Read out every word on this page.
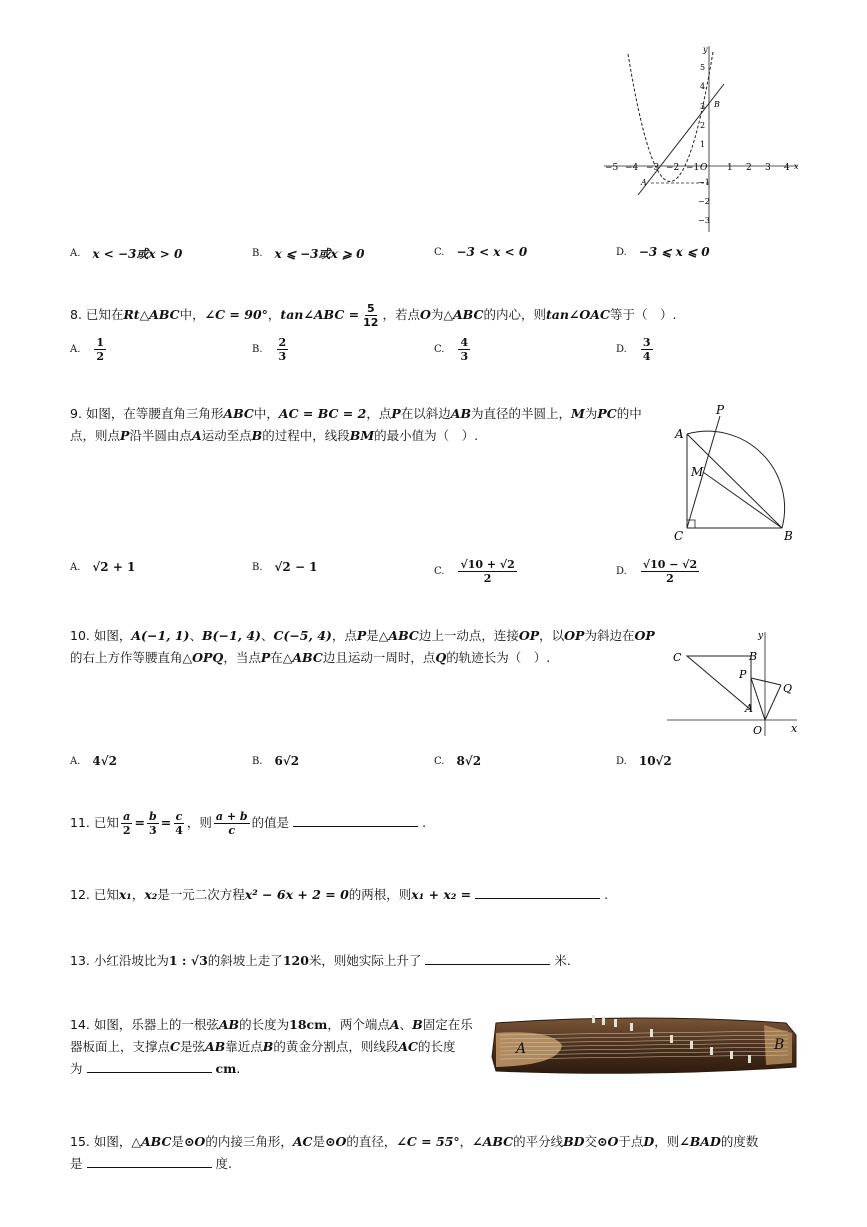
x
y
−5 −4 −3 −2 −1 O 1 2 3 4
5
4
3
2
1
−1
−2
−3
A
B
A. x < −3或x > 0	B. x ⩽ −3或x ⩾ 0	C. −3 < x < 0	D. −3 ⩽ x ⩽ 0
8. 已知在Rt△ABC中，∠C = 90°，tan∠ABC = $\frac{5}{12}$ ，若点O为△ABC的内心，则tan∠OAC等于（　）.
A. $\frac{1}{2}$	B. $\frac{2}{3}$	C. $\frac{4}{3}$	D. $\frac{3}{4}$
9. 如图，在等腰直角三角形ABC中，AC = BC = 2，点P在以斜边AB为直径的半圆上，M为PC的中
点，则点P沿半圆由点A运动至点B的过程中，线段BM的最小值为（　）.	A
B
C
P
M
A. √2 + 1	B. √2 − 1	C. $\frac{√10 + √2}{2}$	D. $\frac{√10 - √2}{2}$
10. 如图，A(−1, 1)、B(−1, 4)、C(−5, 4)，点P是△ABC边上一动点，连接OP，以OP为斜边在OP
的右上方作等腰直角△OPQ，当点P在△ABC边且运动一周时，点Q的轨迹长为（　）.	C	B
P
Q
A
O	x
y
A. 4√2	B. 6√2	C. 8√2	D. 10√2
11. 已知 $\frac{a}{2} = \frac{b}{3} = \frac{c}{4}$ ，则 $\frac{a + b}{c}$ 的值是	.
12. 已知x₁，x₂是一元二次方程x² − 6x + 2 = 0的两根，则x₁ + x₂ =	.
13. 小红沿坡比为1 : √3的斜坡上走了120米，则她实际上升了	米.
14. 如图，乐器上的一根弦AB的长度为18cm，两个端点A、B固定在乐
器板面上，支撑点C是弦AB靠近点B的黄金分割点，则线段AC的长度
为	cm.
A	B
15. 如图，△ABC是⊙O的内接三角形，AC是⊙O的直径，∠C = 55°，∠ABC的平分线BD交⊙O于点D，则∠BAD的度数
是	度.
